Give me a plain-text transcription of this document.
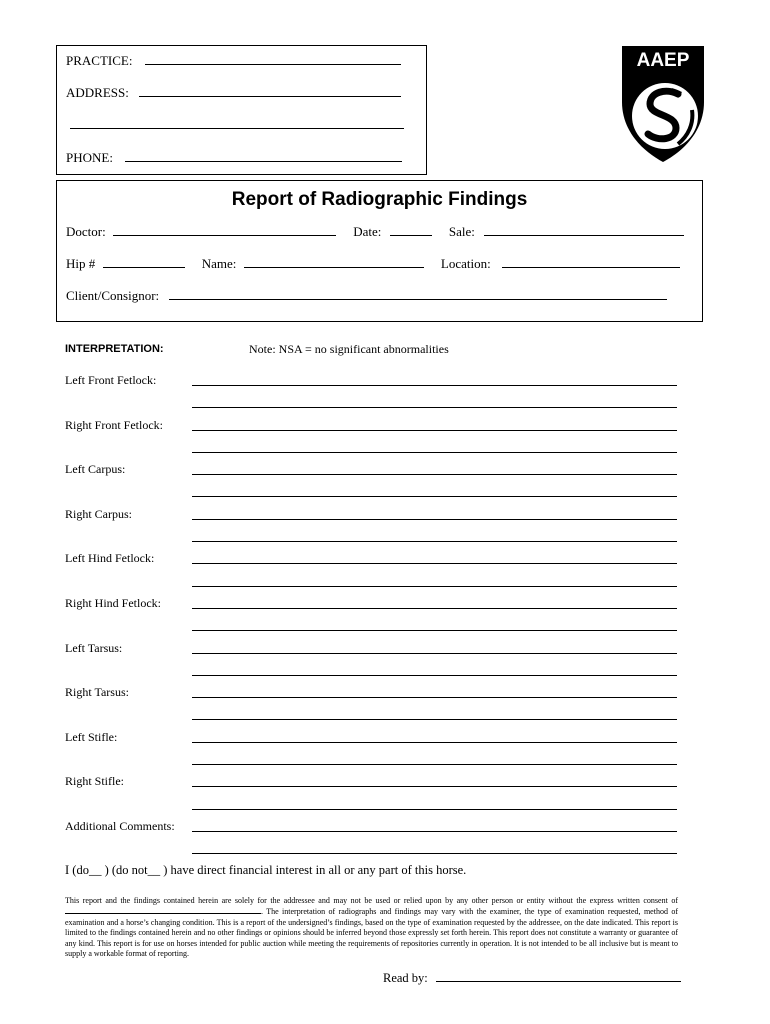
PRACTICE:
ADDRESS:
PHONE:
AAEP
Report of Radiographic Findings
Doctor:	Date:	Sale:
Hip #	Name:	Location:
Client/Consignor:
INTERPRETATION:	Note: NSA = no significant abnormalities
Left Front Fetlock:
Right Front Fetlock:
Left Carpus:
Right Carpus:
Left Hind Fetlock:
Right Hind Fetlock:
Left Tarsus:
Right Tarsus:
Left Stifle:
Right Stifle:
Additional Comments:
I (do__ ) (do not__ ) have direct financial interest in all or any part of this horse.
This report and the findings contained herein are solely for the addressee and may not be used or relied upon by any other person or entity without the express written consent of . The interpretation of radiographs and findings may vary with the examiner, the type of examination requested, method of examination and a horse’s changing condition. This is a report of the undersigned’s findings, based on the type of examination requested by the addressee, on the date indicated. This report is limited to the findings contained herein and no other findings or opinions should be inferred beyond those expressly set forth herein. This report does not constitute a warranty or guarantee of any kind. This report is for use on horses intended for public auction while meeting the requirements of repositories currently in operation. It is not intended to be all inclusive but is meant to supply a workable format of reporting.
Read by:
